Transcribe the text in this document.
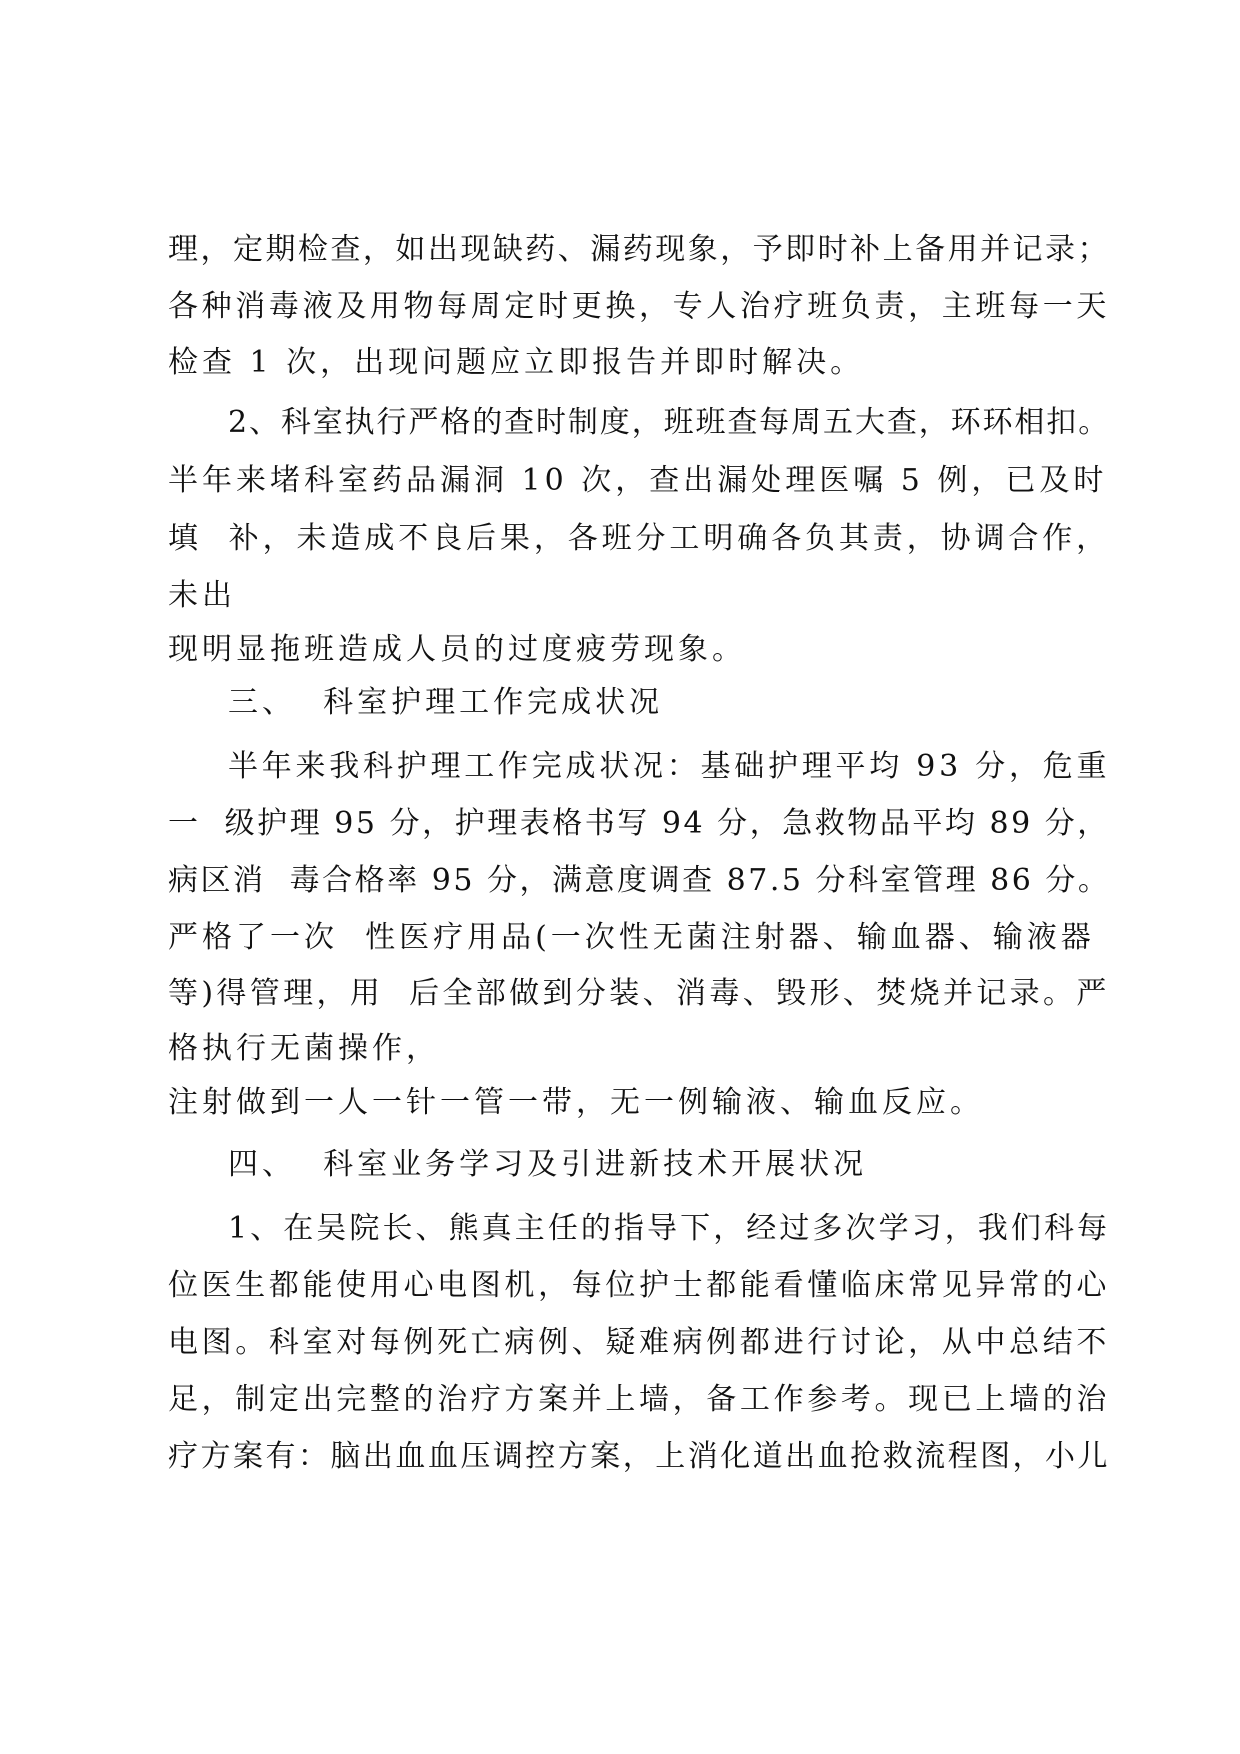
理，定期检查，如出现缺药、漏药现象，予即时补上备用并记录；
各种消毒液及用物每周定时更换，专人治疗班负责，主班每一天
检查 1 次，出现问题应立即报告并即时解决。
2、科室执行严格的查时制度，班班查每周五大查，环环相扣。
半年来堵科室药品漏洞 10 次，查出漏处理医嘱 5 例，已及时
填  补，未造成不良后果，各班分工明确各负其责，协调合作，
未出
现明显拖班造成人员的过度疲劳现象。
三、  科室护理工作完成状况
半年来我科护理工作完成状况：基础护理平均 93 分，危重
一  级护理 95 分，护理表格书写 94 分，急救物品平均 89 分，
病区消  毒合格率 95 分，满意度调查 87.5 分科室管理 86 分。
严格了一次  性医疗用品(一次性无菌注射器、输血器、输液器
等)得管理，用  后全部做到分装、消毒、毁形、焚烧并记录。严
格执行无菌操作，
注射做到一人一针一管一带，无一例输液、输血反应。
四、  科室业务学习及引进新技术开展状况
1、在吴院长、熊真主任的指导下，经过多次学习，我们科每
位医生都能使用心电图机，每位护士都能看懂临床常见异常的心
电图。科室对每例死亡病例、疑难病例都进行讨论，从中总结不
足，制定出完整的治疗方案并上墙，备工作参考。现已上墙的治
疗方案有：脑出血血压调控方案，上消化道出血抢救流程图，小儿
